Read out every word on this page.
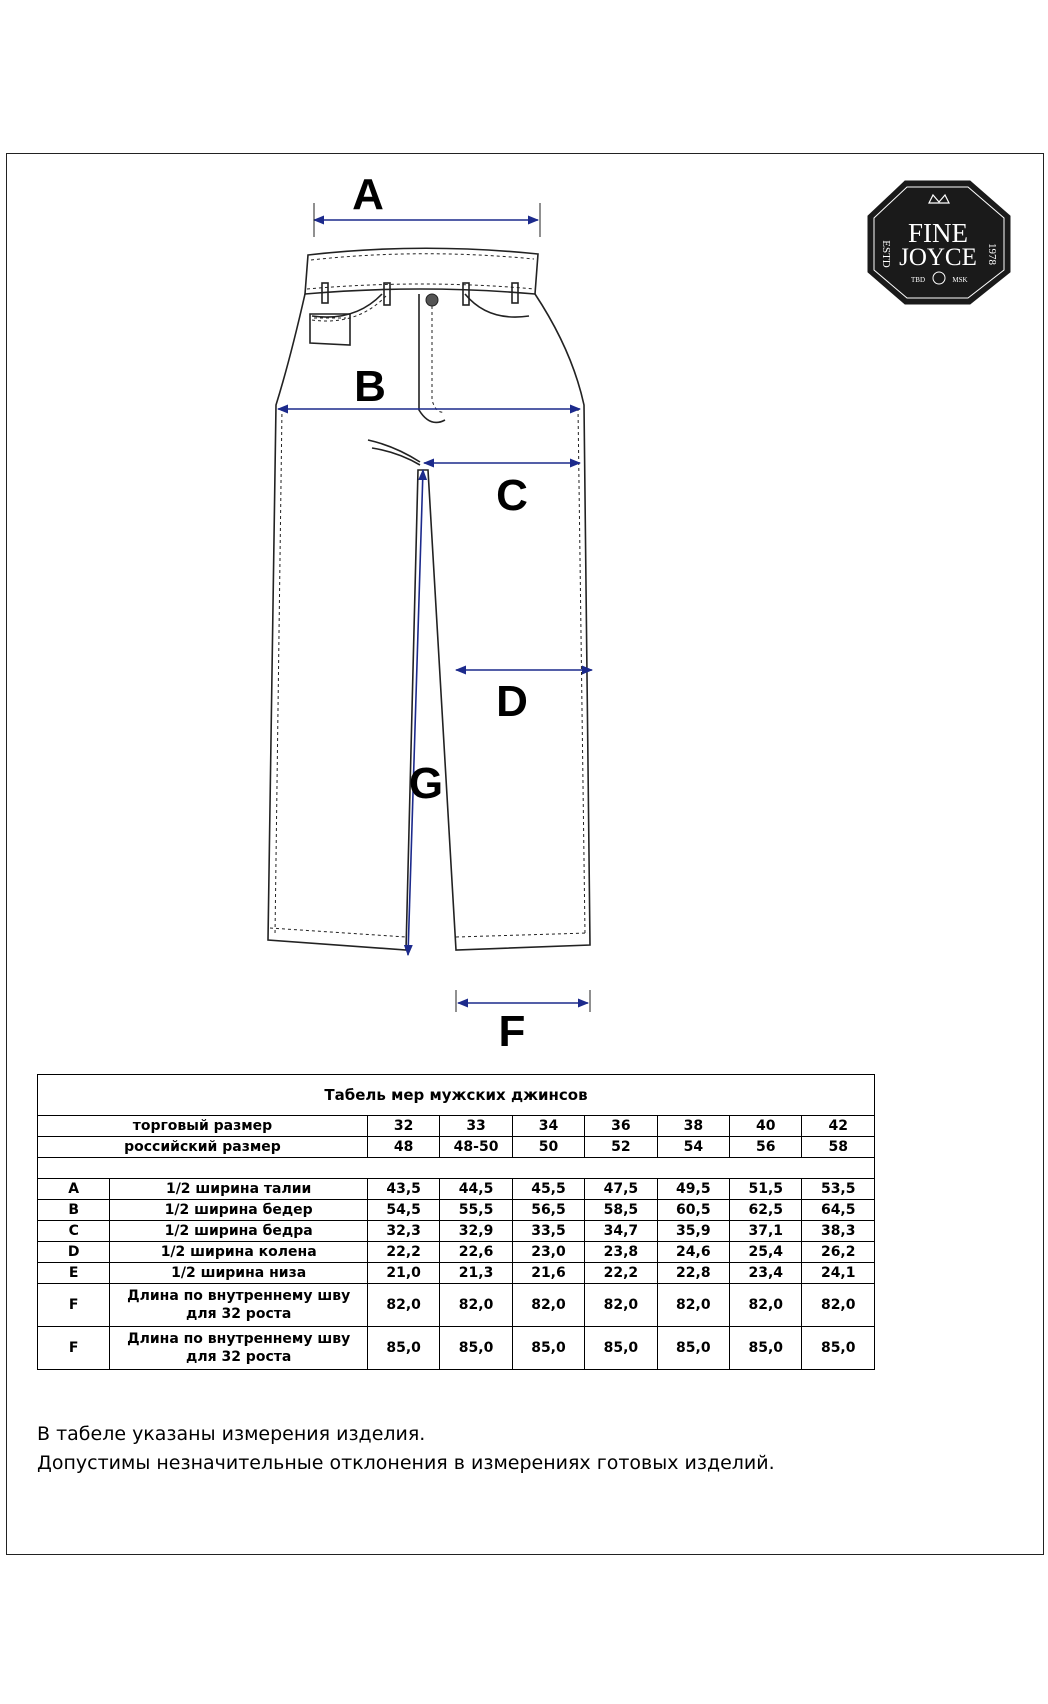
A
B
C
D
G
F
FINE
JOYCE
ESTD	1978
TBD	MSK
Табель мер мужских джинсов								
торговый размер		32	33	34	36	38	40	42
российский размер		48	48-50	50	52	54	56	58

A	1/2 ширина талии	43,5	44,5	45,5	47,5	49,5	51,5	53,5
B	1/2 ширина бедер	54,5	55,5	56,5	58,5	60,5	62,5	64,5
C	1/2 ширина бедра	32,3	32,9	33,5	34,7	35,9	37,1	38,3
D	1/2 ширина колена	22,2	22,6	23,0	23,8	24,6	25,4	26,2
E	1/2 ширина низа	21,0	21,3	21,6	22,2	22,8	23,4	24,1
F	Длина по внутреннему шву для 32 роста	82,0	82,0	82,0	82,0	82,0	82,0	82,0
F	Длина по внутреннему шву для 32 роста	85,0	85,0	85,0	85,0	85,0	85,0	85,0
В табеле указаны измерения изделия.
Допустимы незначительные отклонения в измерениях готовых изделий.
